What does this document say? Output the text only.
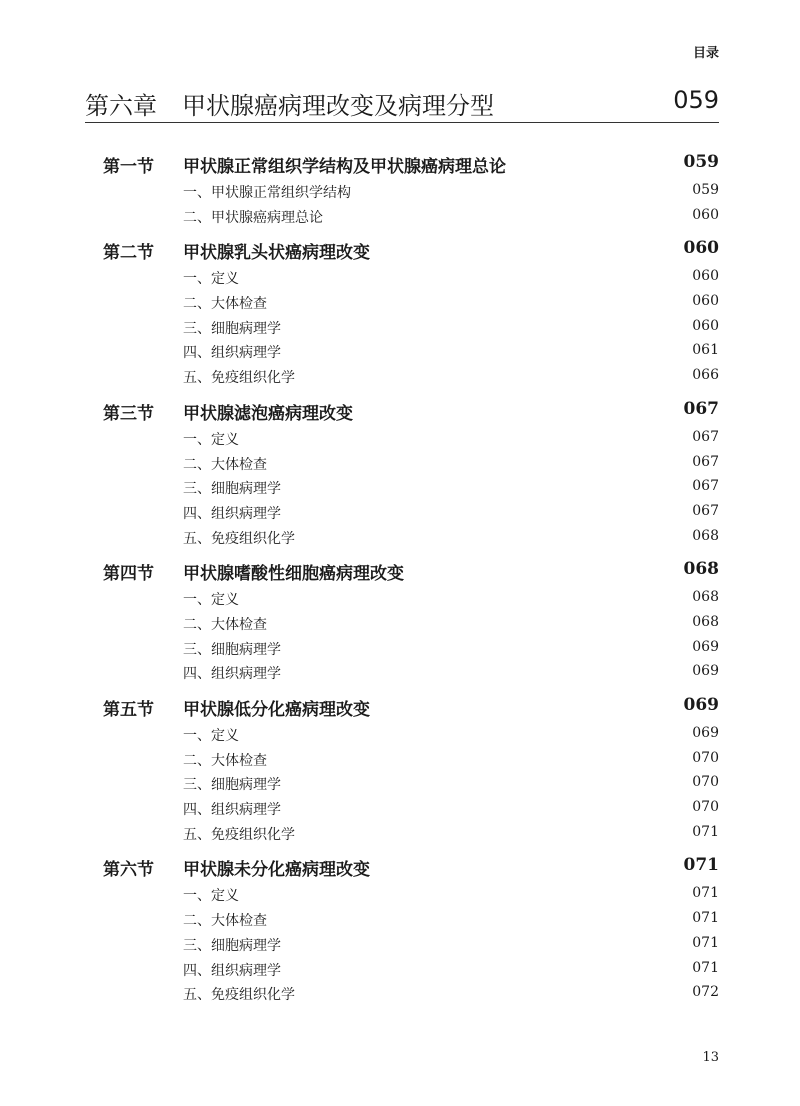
目录
第六章 甲状腺癌病理改变及病理分型	059
第一节 甲状腺正常组织学结构及甲状腺癌病理总论	059
一、甲状腺正常组织学结构	059
二、甲状腺癌病理总论	060
第二节 甲状腺乳头状癌病理改变	060
一、定义	060
二、大体检查	060
三、细胞病理学	060
四、组织病理学	061
五、免疫组织化学	066
第三节 甲状腺滤泡癌病理改变	067
一、定义	067
二、大体检查	067
三、细胞病理学	067
四、组织病理学	067
五、免疫组织化学	068
第四节 甲状腺嗜酸性细胞癌病理改变	068
一、定义	068
二、大体检查	068
三、细胞病理学	069
四、组织病理学	069
第五节 甲状腺低分化癌病理改变	069
一、定义	069
二、大体检查	070
三、细胞病理学	070
四、组织病理学	070
五、免疫组织化学	071
第六节 甲状腺未分化癌病理改变	071
一、定义	071
二、大体检查	071
三、细胞病理学	071
四、组织病理学	071
五、免疫组织化学	072
13
